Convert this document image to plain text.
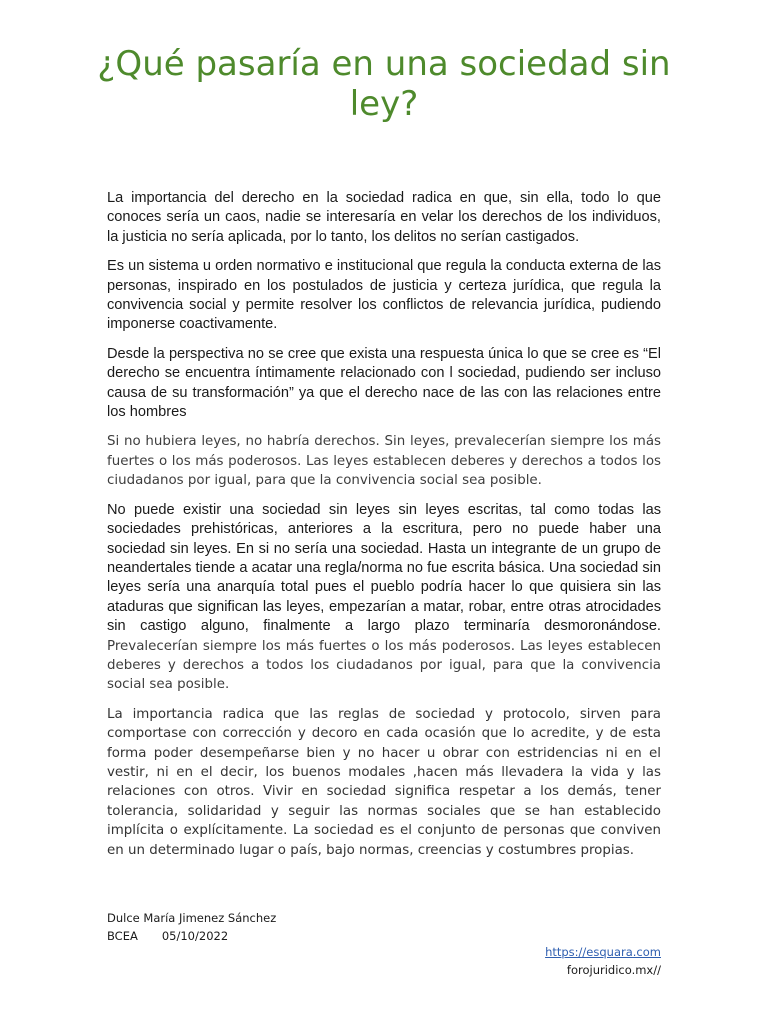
¿Qué pasaría en una sociedad sin ley?

La importancia del derecho en la sociedad radica en que, sin ella, todo lo que conoces sería un caos, nadie se interesaría en velar los derechos de los individuos, la justicia no sería aplicada, por lo tanto, los delitos no serían castigados.

Es un sistema u orden normativo e institucional que regula la conducta externa de las personas, inspirado en los postulados de justicia y certeza jurídica, que regula la convivencia social y permite resolver los conflictos de relevancia jurídica, pudiendo imponerse coactivamente.

Desde la perspectiva no se cree que exista una respuesta única lo que se cree es “El derecho se encuentra íntimamente relacionado con l sociedad, pudiendo ser incluso causa de su transformación” ya que el derecho nace de las con las relaciones entre los hombres

Si no hubiera leyes, no habría derechos. Sin leyes, prevalecerían siempre los más fuertes o los más poderosos. Las leyes establecen deberes y derechos a todos los ciudadanos por igual, para que la convivencia social sea posible.

No puede existir una sociedad sin leyes sin leyes escritas, tal como todas las sociedades prehistóricas, anteriores a la escritura, pero no puede haber una sociedad sin leyes. En si no sería una sociedad. Hasta un integrante de un grupo de neandertales tiende a acatar una regla/norma no fue escrita básica. Una sociedad sin leyes sería una anarquía total pues el pueblo podría hacer lo que quisiera sin las ataduras que significan las leyes, empezarían a matar, robar, entre otras atrocidades sin castigo alguno, finalmente a largo plazo terminaría desmoronándose. Prevalecerían siempre los más fuertes o los más poderosos. Las leyes establecen deberes y derechos a todos los ciudadanos por igual, para que la convivencia social sea posible.

La importancia radica que las reglas de sociedad y protocolo, sirven para comportase con corrección y decoro en cada ocasión que lo acredite, y de esta forma poder desempeñarse bien y no hacer u obrar con estridencias ni en el vestir, ni en el decir, los buenos modales ,hacen más llevadera la vida y las relaciones con otros. Vivir en sociedad significa respetar a los demás, tener tolerancia, solidaridad y seguir las normas sociales que se han establecido implícita o explícitamente. La sociedad es el conjunto de personas que conviven en un determinado lugar o país, bajo normas, creencias y costumbres propias.

Dulce María Jimenez Sánchez
BCEA 05/10/2022
https://esquara.com
forojuridico.mx//
